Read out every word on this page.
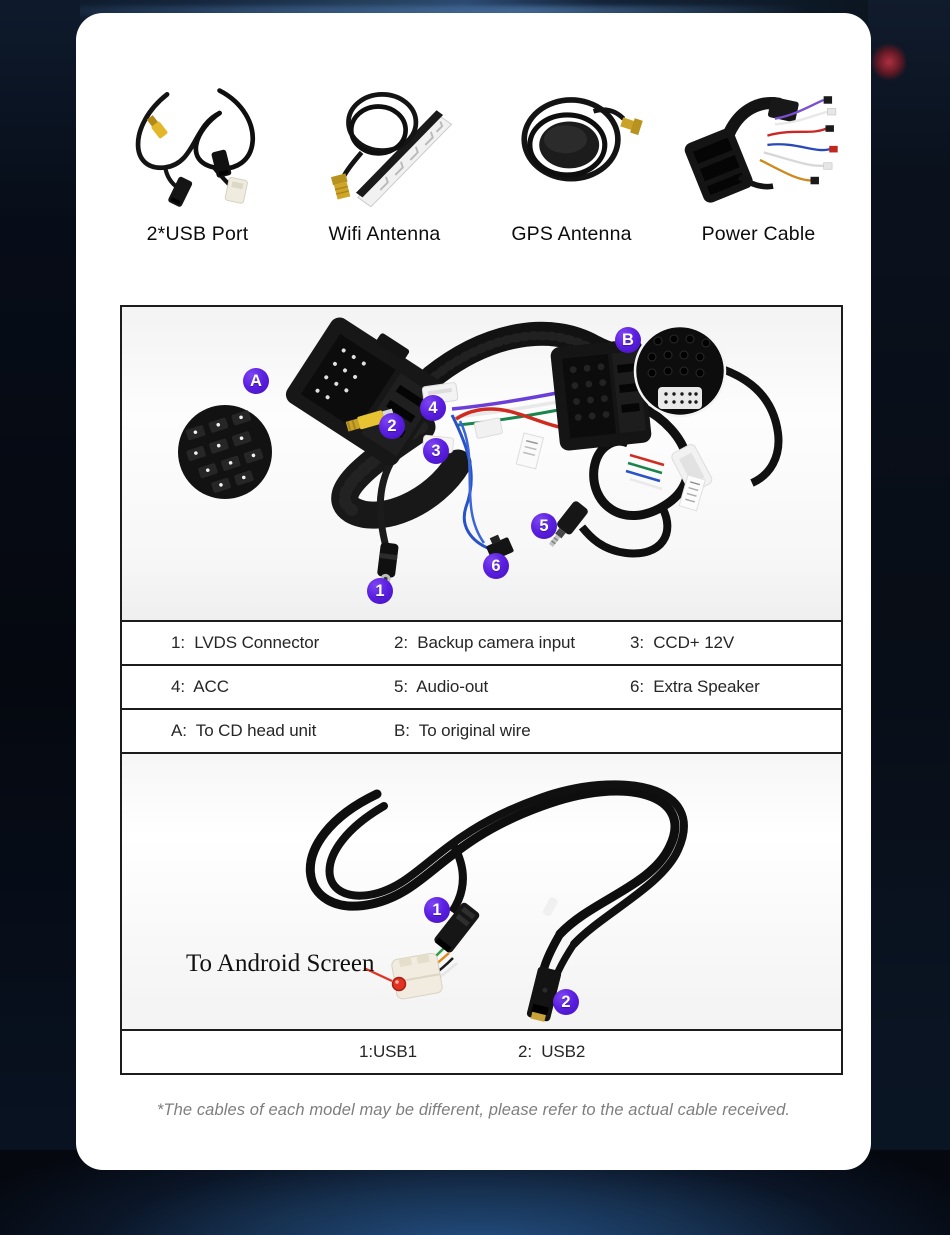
2*USB Port	Wifi Antenna	GPS Antenna	Power Cable
A
B
1
2
3
4
5
6
1:  LVDS Connector	2:  Backup camera input	3:  CCD+ 12V
4:  ACC	5:  Audio-out	6:  Extra Speaker
A:  To CD head unit	B:  To original wire
To Android Screen
1
2
1:USB1	2:  USB2
*The cables of each model may be different, please refer to the actual cable received.
